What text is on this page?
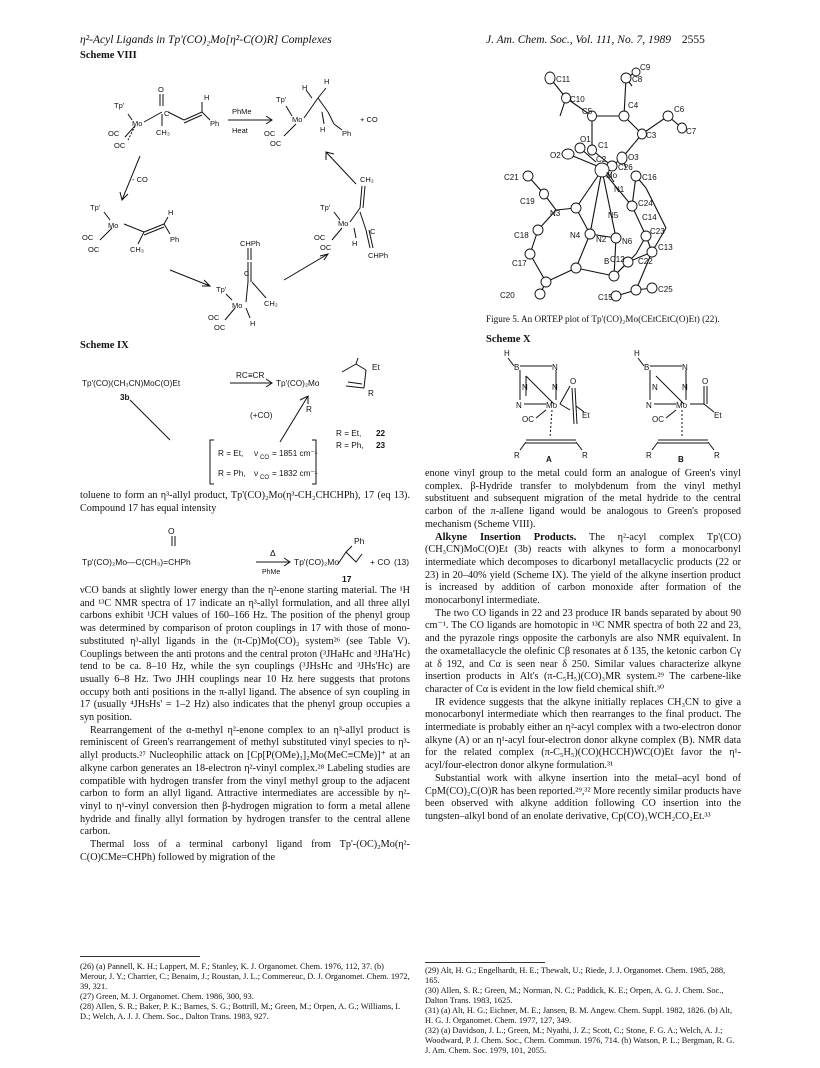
η²-Acyl Ligands in Tp'(CO)₂Mo[η²-C(O)R] Complexes	J. Am. Chem. Soc., Vol. 111, No. 7, 1989 2555
Scheme VIII
Tp'
Mo
O
C
H
Ph
CH₃
OC
OC
PhMe
Heat
Tp'
Mo
H
H
Ph
H
OC
OC
+ CO
- CO
Tp'
Mo
H
Ph
CH₃
OC
OC
CH₂
Tp'
Mo
C
CHPh
H
OC
OC
CHPh
C
Tp'
Mo	CH₂
H
OC
OC
Scheme IX
RC≡CR
Tp'(CO)(CH₃CN)MoC(O)Et
3b
Tp'(CO)₂Mo
Et
R
R
(+CO)
R = Et, 22
R = Ph, 23
R = Et, ν CO = 1851 cm⁻¹
R = Ph, ν CO = 1832 cm⁻¹

toluene to form an η³-allyl product, Tp'(CO)₂Mo(η³-CH₂CHCHPh), 17 (eq 13). Compound 17 has equal intensity

O
Tp'(CO)₂Mo—C(CH₃)=CHPh
Δ
PhMe
Tp'(CO)₂Mo
Ph
+ CO (13)
17

νCO bands at slightly lower energy than the η²-enone starting material. The ¹H and ¹³C NMR spectra of 17 indicate an η³-allyl formulation, and all three allyl carbons exhibit ¹JCH values of 160–166 Hz. The position of the phenyl group was determined by comparison of proton couplings in 17 with those of mono-substituted η³-allyl ligands in the (π-Cp)Mo(CO)₂ system²⁶ (see Table V). Couplings between the anti protons and the central proton (³JHaHc and ³JHa'Hc) tend to be ca. 8–10 Hz, while the syn couplings (³JHsHc and ³JHs'Hc) are usually 6–8 Hz. Two JHH couplings near 10 Hz here suggests that protons occupy both anti positions in the π-allyl ligand. The absence of syn coupling in 17 (usually ⁴JHsHs' = 1–2 Hz) also indicates that the phenyl group occupies a syn position.

Rearrangement of the α-methyl η²-enone complex to an η³-allyl product is reminiscent of Green's rearrangement of methyl substituted vinyl species to η³-allyl products.²⁷ Nucleophilic attack on [Cp[P(OMe)₃]₂Mo(MeC≡CMe)]⁺ at an alkyne carbon generates an 18-electron η²-vinyl complex.²⁸ Labeling studies are compatible with hydrogen transfer from the vinyl methyl group to the adjacent carbon to form an allyl ligand. Attractive intermediates are accessible by η²-vinyl to η¹-vinyl conversion then β-hydrogen migration to form a metal allene hydride and finally allyl formation by hydrogen transfer to the central allene carbon.

Thermal loss of a terminal carbonyl ligand from Tp'-(OC)₂Mo(η²-C(O)CMe=CHPh) followed by migration of the

(26) (a) Pannell, K. H.; Lappert, M. F.; Stanley, K. J. Organomet. Chem. 1976, 112, 37. (b) Merour, J. Y.; Charrier, C.; Benaim, J.; Roustan, J. L.; Commereuc, D. J. Organomet. Chem. 1972, 39, 321.

(27) Green, M. J. Organomet. Chem. 1986, 300, 93.

(28) Allen, S. R.; Baker, P. K.; Barnes, S. G.; Bottrill, M.; Green, M.; Orpen, A. G.; Williams, I. D.; Welch, A. J. J. Chem. Soc., Dalton Trans. 1983, 927.

C11
C9
C8
C10
C5
C4	C6
C3	C7
O1
O2
C1
C2
Mo
C26
O3
C16
C21
N1
C24
C14
C19
N3	N5
C23
C18	N4 N2 N6
C13
B C12 C22
C17
C20	C15
C25
Figure 5. An ORTEP plot of Tp'(CO)₂Mo(CEtCEtC(O)Et) (22).
Scheme X
H
B	N
N	N
N	Mo
O
Et
OC
R	R
A
H
B	N
N	N
N	Mo
O
Et
OC
R	R
B

enone vinyl group to the metal could form an analogue of Green's vinyl complex. β-Hydride transfer to molybdenum from the vinyl methyl substituent and subsequent migration of the metal hydride to the central carbon of the π-allene ligand would be analogous to Green's proposed mechanism (Scheme VIII).

Alkyne Insertion Products. The η²-acyl complex Tp'(CO)(CH₃CN)MoC(O)Et (3b) reacts with alkynes to form a monocarbonyl intermediate which decomposes to dicarbonyl metallacyclic products (22 or 23) in 20–40% yield (Scheme IX). The yield of the alkyne insertion product is increased by addition of carbon monoxide after formation of the monocarbonyl intermediate.

The two CO ligands in 22 and 23 produce IR bands separated by about 90 cm⁻¹. The CO ligands are homotopic in ¹³C NMR spectra of both 22 and 23, and the pyrazole rings opposite the carbonyls are also NMR equivalent. In the oxametallacycle the olefinic Cβ resonates at δ 135, the ketonic carbon Cγ at δ 192, and Cα is seen near δ 250. Similar values characterize alkyne insertion products in Alt's (π-C₅H₅)(CO)₃MR system.²⁹ The carbene-like character of Cα is evident in the low field chemical shift.³⁰

IR evidence suggests that the alkyne initially replaces CH₃CN to give a monocarbonyl intermediate which then rearranges to the final product. The intermediate is probably either an η²-acyl complex with a two-electron donor alkyne (A) or an η¹-acyl four-electron donor alkyne complex (B). NMR data for the related complex (π-C₅H₅)(CO)(HCCH)WC(O)Et favor the η¹-acyl/four-electron donor alkyne formulation.³¹

Substantial work with alkyne insertion into the metal–acyl bond of CpM(CO)₂C(O)R has been reported.²⁹,³² More recently similar products have been observed with alkyne addition following CO insertion into the tungsten–alkyl bond of an enolate derivative, Cp(CO)₃WCH₂CO₂Et.³³

(29) Alt, H. G.; Engelhardt, H. E.; Thewalt, U.; Riede, J. J. Organomet. Chem. 1985, 288, 165.

(30) Allen, S. R.; Green, M.; Norman, N. C.; Paddick, K. E.; Orpen, A. G. J. Chem. Soc., Dalton Trans. 1983, 1625.

(31) (a) Alt, H. G.; Eichner, M. E.; Jansen, B. M. Angew. Chem. Suppl. 1982, 1826. (b) Alt, H. G. J. Organomet. Chem. 1977, 127, 349.

(32) (a) Davidson, J. L.; Green, M.; Nyathi, J. Z.; Scott, C.; Stone, F. G. A.; Welch, A. J.; Woodward, P. J. Chem. Soc., Chem. Commun. 1976, 714. (b) Watson, P. L.; Bergman, R. G. J. Am. Chem. Soc. 1979, 101, 2055.
